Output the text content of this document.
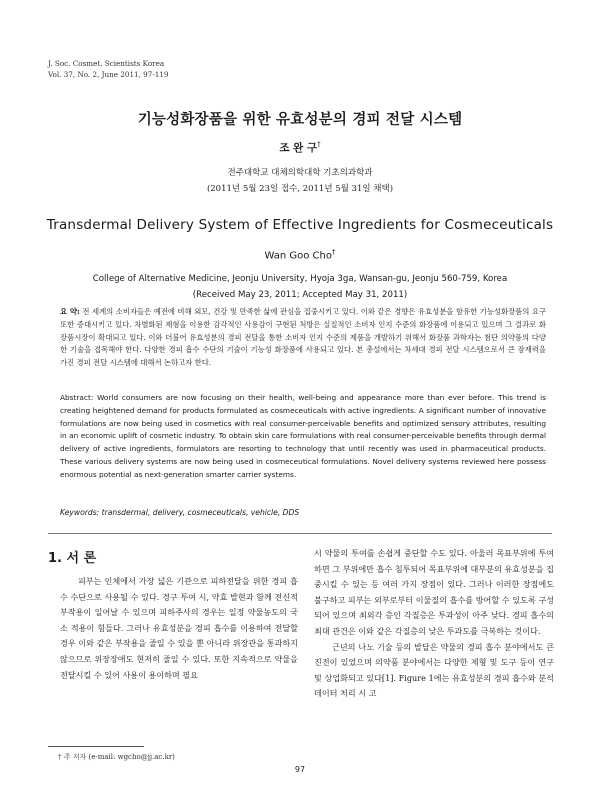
J. Soc. Cosmet. Scientists Korea
Vol. 37, No. 2, June 2011, 97-119
기능성화장품을 위한 유효성분의 경피 전달 시스템
조 완 구†
전주대학교 대체의학대학 기초의과학과
(2011년 5월 23일 접수, 2011년 5월 31일 채택)
Transdermal Delivery System of Effective Ingredients for Cosmeceuticals
Wan Goo Cho†
College of Alternative Medicine, Jeonju University, Hyoja 3ga, Wansan-gu, Jeonju 560-759, Korea
(Received May 23, 2011; Accepted May 31, 2011)
요 약: 전 세계의 소비자들은 예전에 비해 외모, 건강 및 만족한 삶에 관심을 집중시키고 있다. 이와 같은 경향은 유효성분을 함유한 기능성화장품의 요구 또한 증대시키고 있다. 차별화된 제형을 이용한 감각적인 사용감이 구현된 처방은 실질적인 소비자 인지 수준의 화장품에 이용되고 있으며 그 결과로 화장품시장이 확대되고 있다. 이와 더불어 유효성분의 경피 전달을 통한 소비자 인지 수준의 제품을 개발하기 위해서 화장품 과학자는 첨단 의약품의 다양한 기술을 접목해야 한다. 다양한 경피 흡수 수단의 기술이 기능성 화장품에 사용되고 있다. 본 총설에서는 차세대 경피 전달 시스템으로서 큰 잠재력을 가진 경피 전달 시스템에 대해서 논하고자 한다.
Abstract: World consumers are now focusing on their health, well-being and appearance more than ever before. This trend is creating heightened demand for products formulated as cosmeceuticals with active ingredients. A significant number of innovative formulations are now being used in cosmetics with real consumer-perceivable benefits and optimized sensory attributes, resulting in an economic uplift of cosmetic industry. To obtain skin care formulations with real consumer-perceivable benefits through dermal delivery of active ingredients, formulators are resorting to technology that until recently was used in pharmaceutical products. These various delivery systems are now being used in cosmeceutical formulations. Novel delivery systems reviewed here possess enormous potential as next-generation smarter carrier systems.
Keywords: transdermal, delivery, cosmeceuticals, vehicle, DDS
1. 서 론

피부는 인체에서 가장 넓은 기관으로 피하전달을 위한 경피 흡수 수단으로 사용될 수 있다. 경구 투여 시, 약효 발현과 함께 전신적 부작용이 일어날 수 있으며 피하주사의 경우는 일정 약물농도의 국소 적용이 힘들다. 그러나 유효성분을 경피 흡수를 이용하여 전달할 경우 이와 같은 부작용을 줄일 수 있을 뿐 아니라 위장관을 통과하지 않으므로 위장장애도 현저히 줄일 수 있다. 또한 지속적으로 약물을 전달시킬 수 있어 사용이 용이하며 필요

시 약물의 투여를 손쉽게 중단할 수도 있다. 아울러 목표부위에 투여하면 그 부위에만 흡수 침투되어 목표부위에 대부분의 유효성분을 집중시킬 수 있는 등 여러 가지 장점이 있다. 그러나 이러한 장점에도 불구하고 피부는 외부로부터 이물질의 흡수를 방어할 수 있도록 구성되어 있으며 최외각 층인 각질층은 투과성이 아주 낮다. 경피 흡수의 최대 관건은 이와 같은 각질층의 낮은 투과도를 극복하는 것이다.

근년의 나노 기술 등의 발달은 약물의 경피 흡수 분야에서도 큰 진전이 있었으며 의약품 분야에서는 다양한 제형 및 도구 등이 연구 및 상업화되고 있다[1]. Figure 1에는 유효성분의 경피 흡수와 분석 데이터 처리 시 고

† 주 저자 (e-mail: wgcho@jj.ac.kr)
97
